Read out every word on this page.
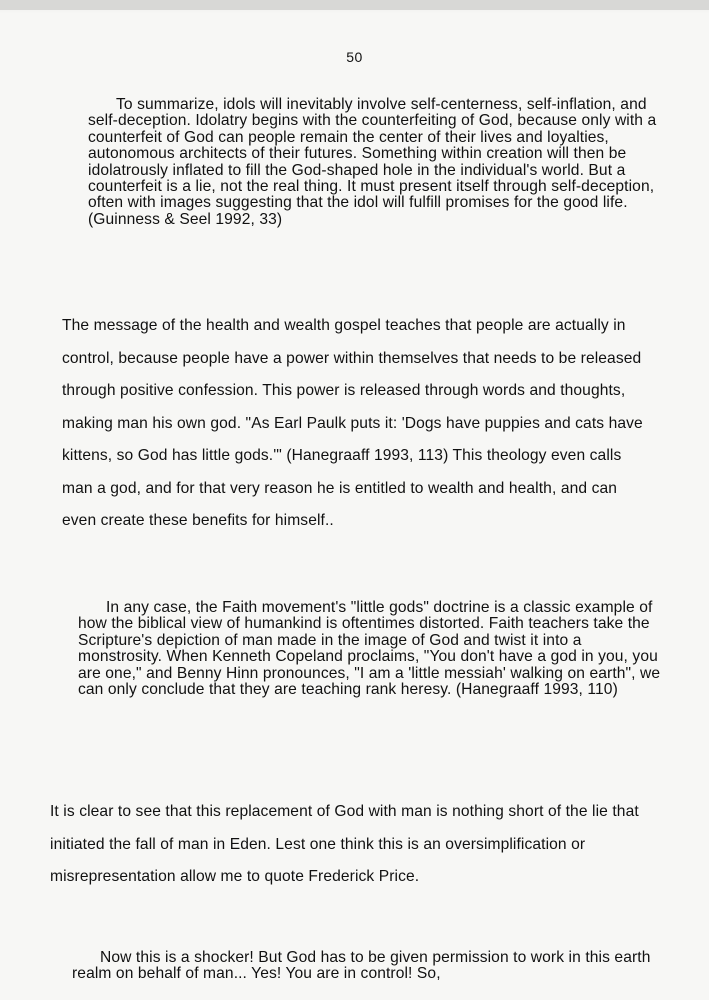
50

To summarize, idols will inevitably involve self-centerness, self-inflation, and self-deception. Idolatry begins with the counterfeiting of God, because only with a counterfeit of God can people remain the center of their lives and loyalties, autonomous architects of their futures. Something within creation will then be idolatrously inflated to fill the God-shaped hole in the individual's world. But a counterfeit is a lie, not the real thing. It must present itself through self-deception, often with images suggesting that the idol will fulfill promises for the good life. (Guinness & Seel 1992, 33)

The message of the health and wealth gospel teaches that people are actually in control, because people have a power within themselves that needs to be released through positive confession. This power is released through words and thoughts, making man his own god. "As Earl Paulk puts it: 'Dogs have puppies and cats have kittens, so God has little gods.'" (Hanegraaff 1993, 113) This theology even calls man a god, and for that very reason he is entitled to wealth and health, and can even create these benefits for himself..

In any case, the Faith movement's "little gods" doctrine is a classic example of how the biblical view of humankind is oftentimes distorted. Faith teachers take the Scripture's depiction of man made in the image of God and twist it into a monstrosity. When Kenneth Copeland proclaims, "You don't have a god in you, you are one," and Benny Hinn pronounces, "I am a 'little messiah' walking on earth", we can only conclude that they are teaching rank heresy. (Hanegraaff 1993, 110)

It is clear to see that this replacement of God with man is nothing short of the lie that initiated the fall of man in Eden. Lest one think this is an oversimplification or misrepresentation allow me to quote Frederick Price.

Now this is a shocker! But God has to be given permission to work in this earth realm on behalf of man... Yes! You are in control! So,
